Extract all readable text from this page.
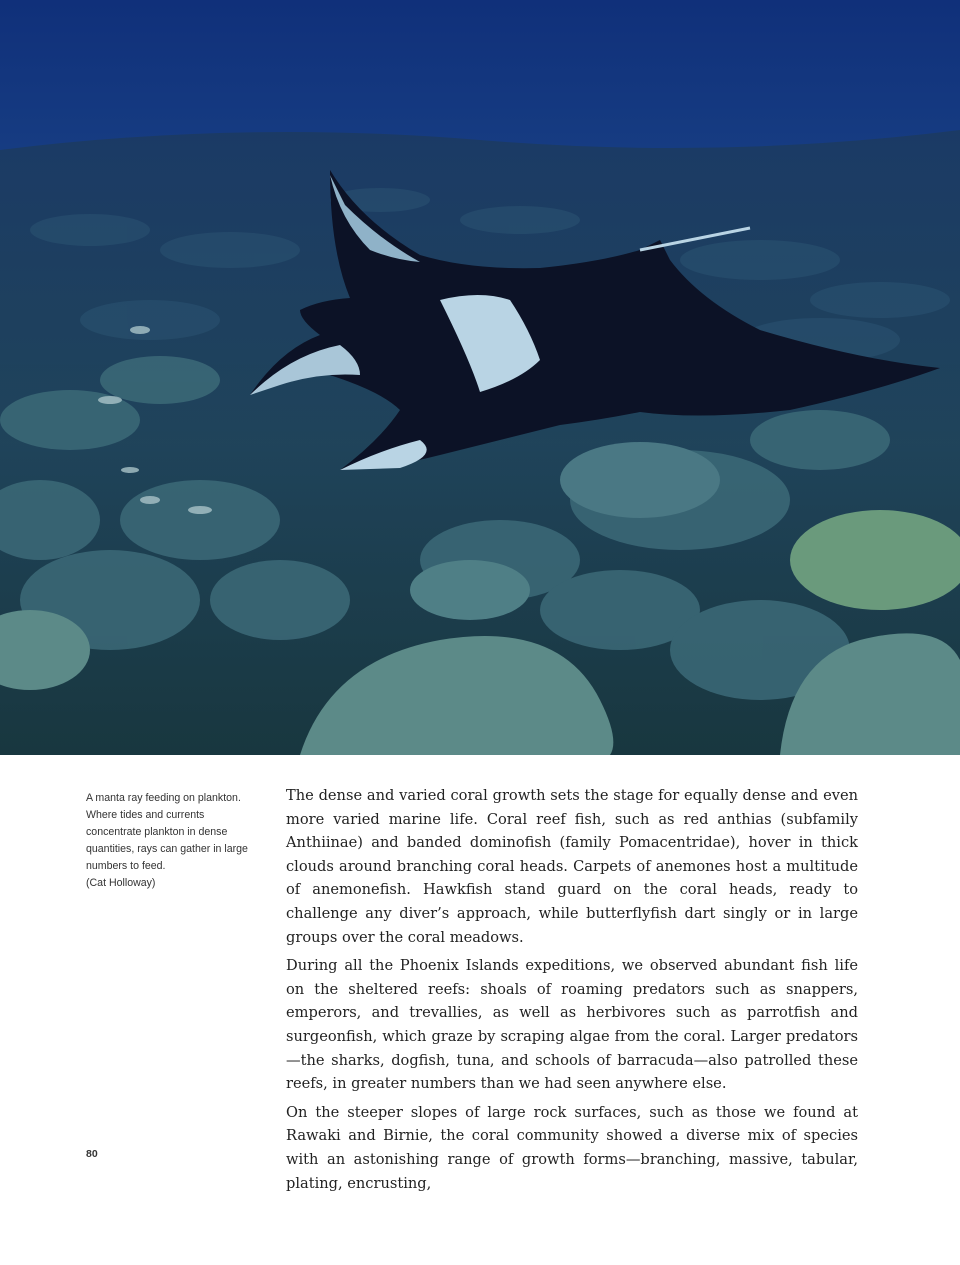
A manta ray feeding on plankton. Where tides and currents concentrate plankton in dense quantities, rays can gather in large numbers to feed.
(Cat Holloway)

The dense and varied coral growth sets the stage for equally dense and even more varied marine life. Coral reef fish, such as red anthias (subfamily Anthiinae) and banded dominofish (family Pomacentridae), hover in thick clouds around branching coral heads. Carpets of anemones host a multitude of anemonefish. Hawkfish stand guard on the coral heads, ready to challenge any diver’s approach, while butterflyfish dart singly or in large groups over the coral meadows.

During all the Phoenix Islands expeditions, we observed abundant fish life on the sheltered reefs: shoals of roaming predators such as snappers, emperors, and trevallies, as well as herbivores such as parrotfish and surgeonfish, which graze by scraping algae from the coral. Larger predators—the sharks, dogfish, tuna, and schools of barracuda—also patrolled these reefs, in greater numbers than we had seen anywhere else.

On the steeper slopes of large rock surfaces, such as those we found at Rawaki and Birnie, the coral community showed a diverse mix of species with an astonishing range of growth forms—branching, massive, tabular, plating, encrusting,

80
